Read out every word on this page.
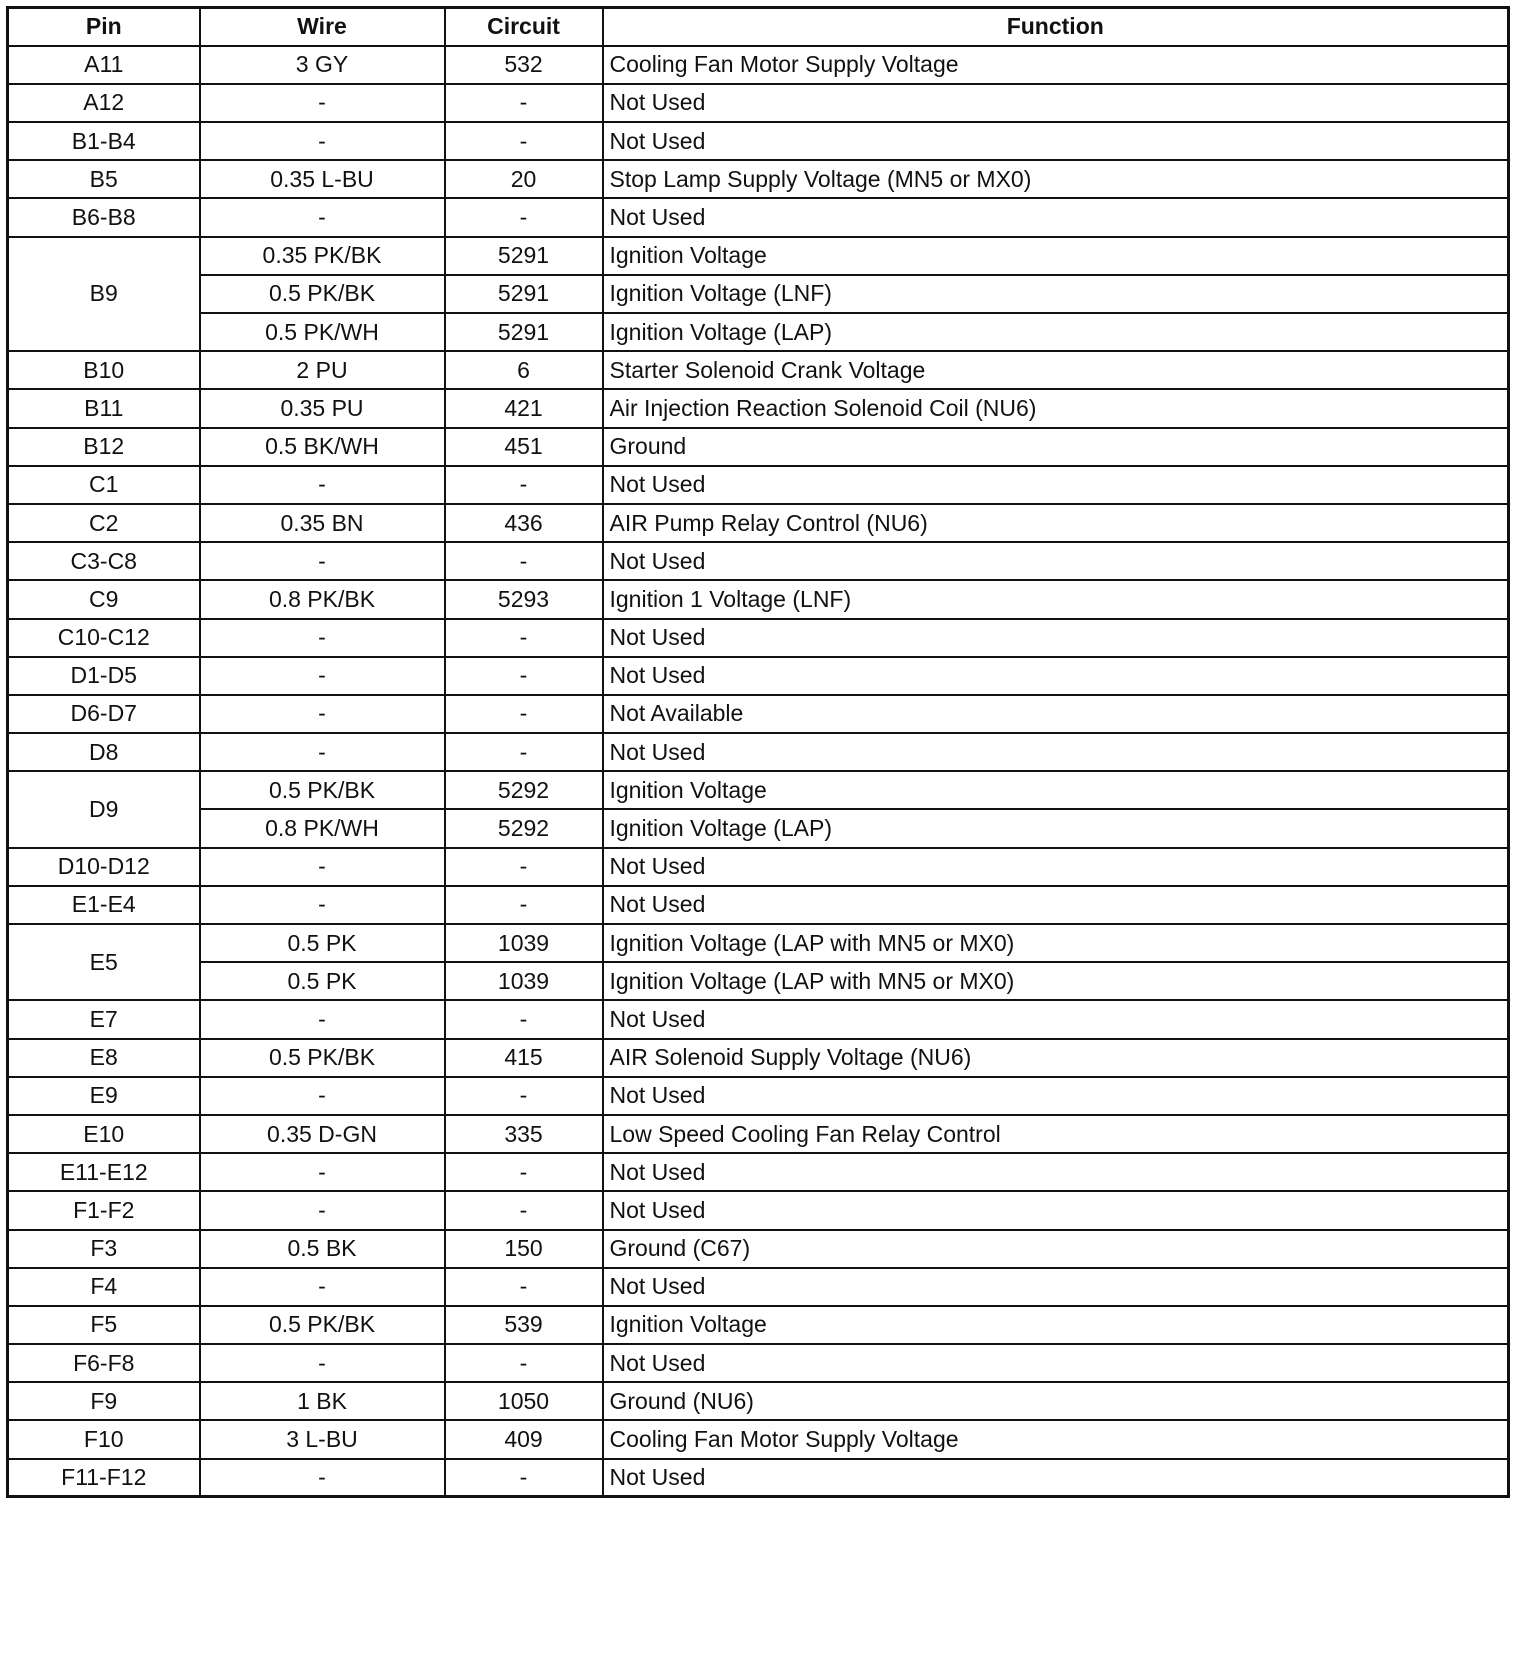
Pin	Wire	Circuit	Function
A11	3 GY	532	Cooling Fan Motor Supply Voltage
A12	-	-	Not Used
B1-B4	-	-	Not Used
B5	0.35 L-BU	20	Stop Lamp Supply Voltage (MN5 or MX0)
B6-B8	-	-	Not Used
B9	0.35 PK/BK	5291	Ignition Voltage
	0.5 PK/BK	5291	Ignition Voltage (LNF)
	0.5 PK/WH	5291	Ignition Voltage (LAP)
B10	2 PU	6	Starter Solenoid Crank Voltage
B11	0.35 PU	421	Air Injection Reaction Solenoid Coil (NU6)
B12	0.5 BK/WH	451	Ground
C1	-	-	Not Used
C2	0.35 BN	436	AIR Pump Relay Control (NU6)
C3-C8	-	-	Not Used
C9	0.8 PK/BK	5293	Ignition 1 Voltage (LNF)
C10-C12	-	-	Not Used
D1-D5	-	-	Not Used
D6-D7	-	-	Not Available
D8	-	-	Not Used
D9	0.5 PK/BK	5292	Ignition Voltage
	0.8 PK/WH	5292	Ignition Voltage (LAP)
D10-D12	-	-	Not Used
E1-E4	-	-	Not Used
E5	0.5 PK	1039	Ignition Voltage (LAP with MN5 or MX0)
	0.5 PK	1039	Ignition Voltage (LAP with MN5 or MX0)
E7	-	-	Not Used
E8	0.5 PK/BK	415	AIR Solenoid Supply Voltage (NU6)
E9	-	-	Not Used
E10	0.35 D-GN	335	Low Speed Cooling Fan Relay Control
E11-E12	-	-	Not Used
F1-F2	-	-	Not Used
F3	0.5 BK	150	Ground (C67)
F4	-	-	Not Used
F5	0.5 PK/BK	539	Ignition Voltage
F6-F8	-	-	Not Used
F9	1 BK	1050	Ground (NU6)
F10	3 L-BU	409	Cooling Fan Motor Supply Voltage
F11-F12	-	-	Not Used
